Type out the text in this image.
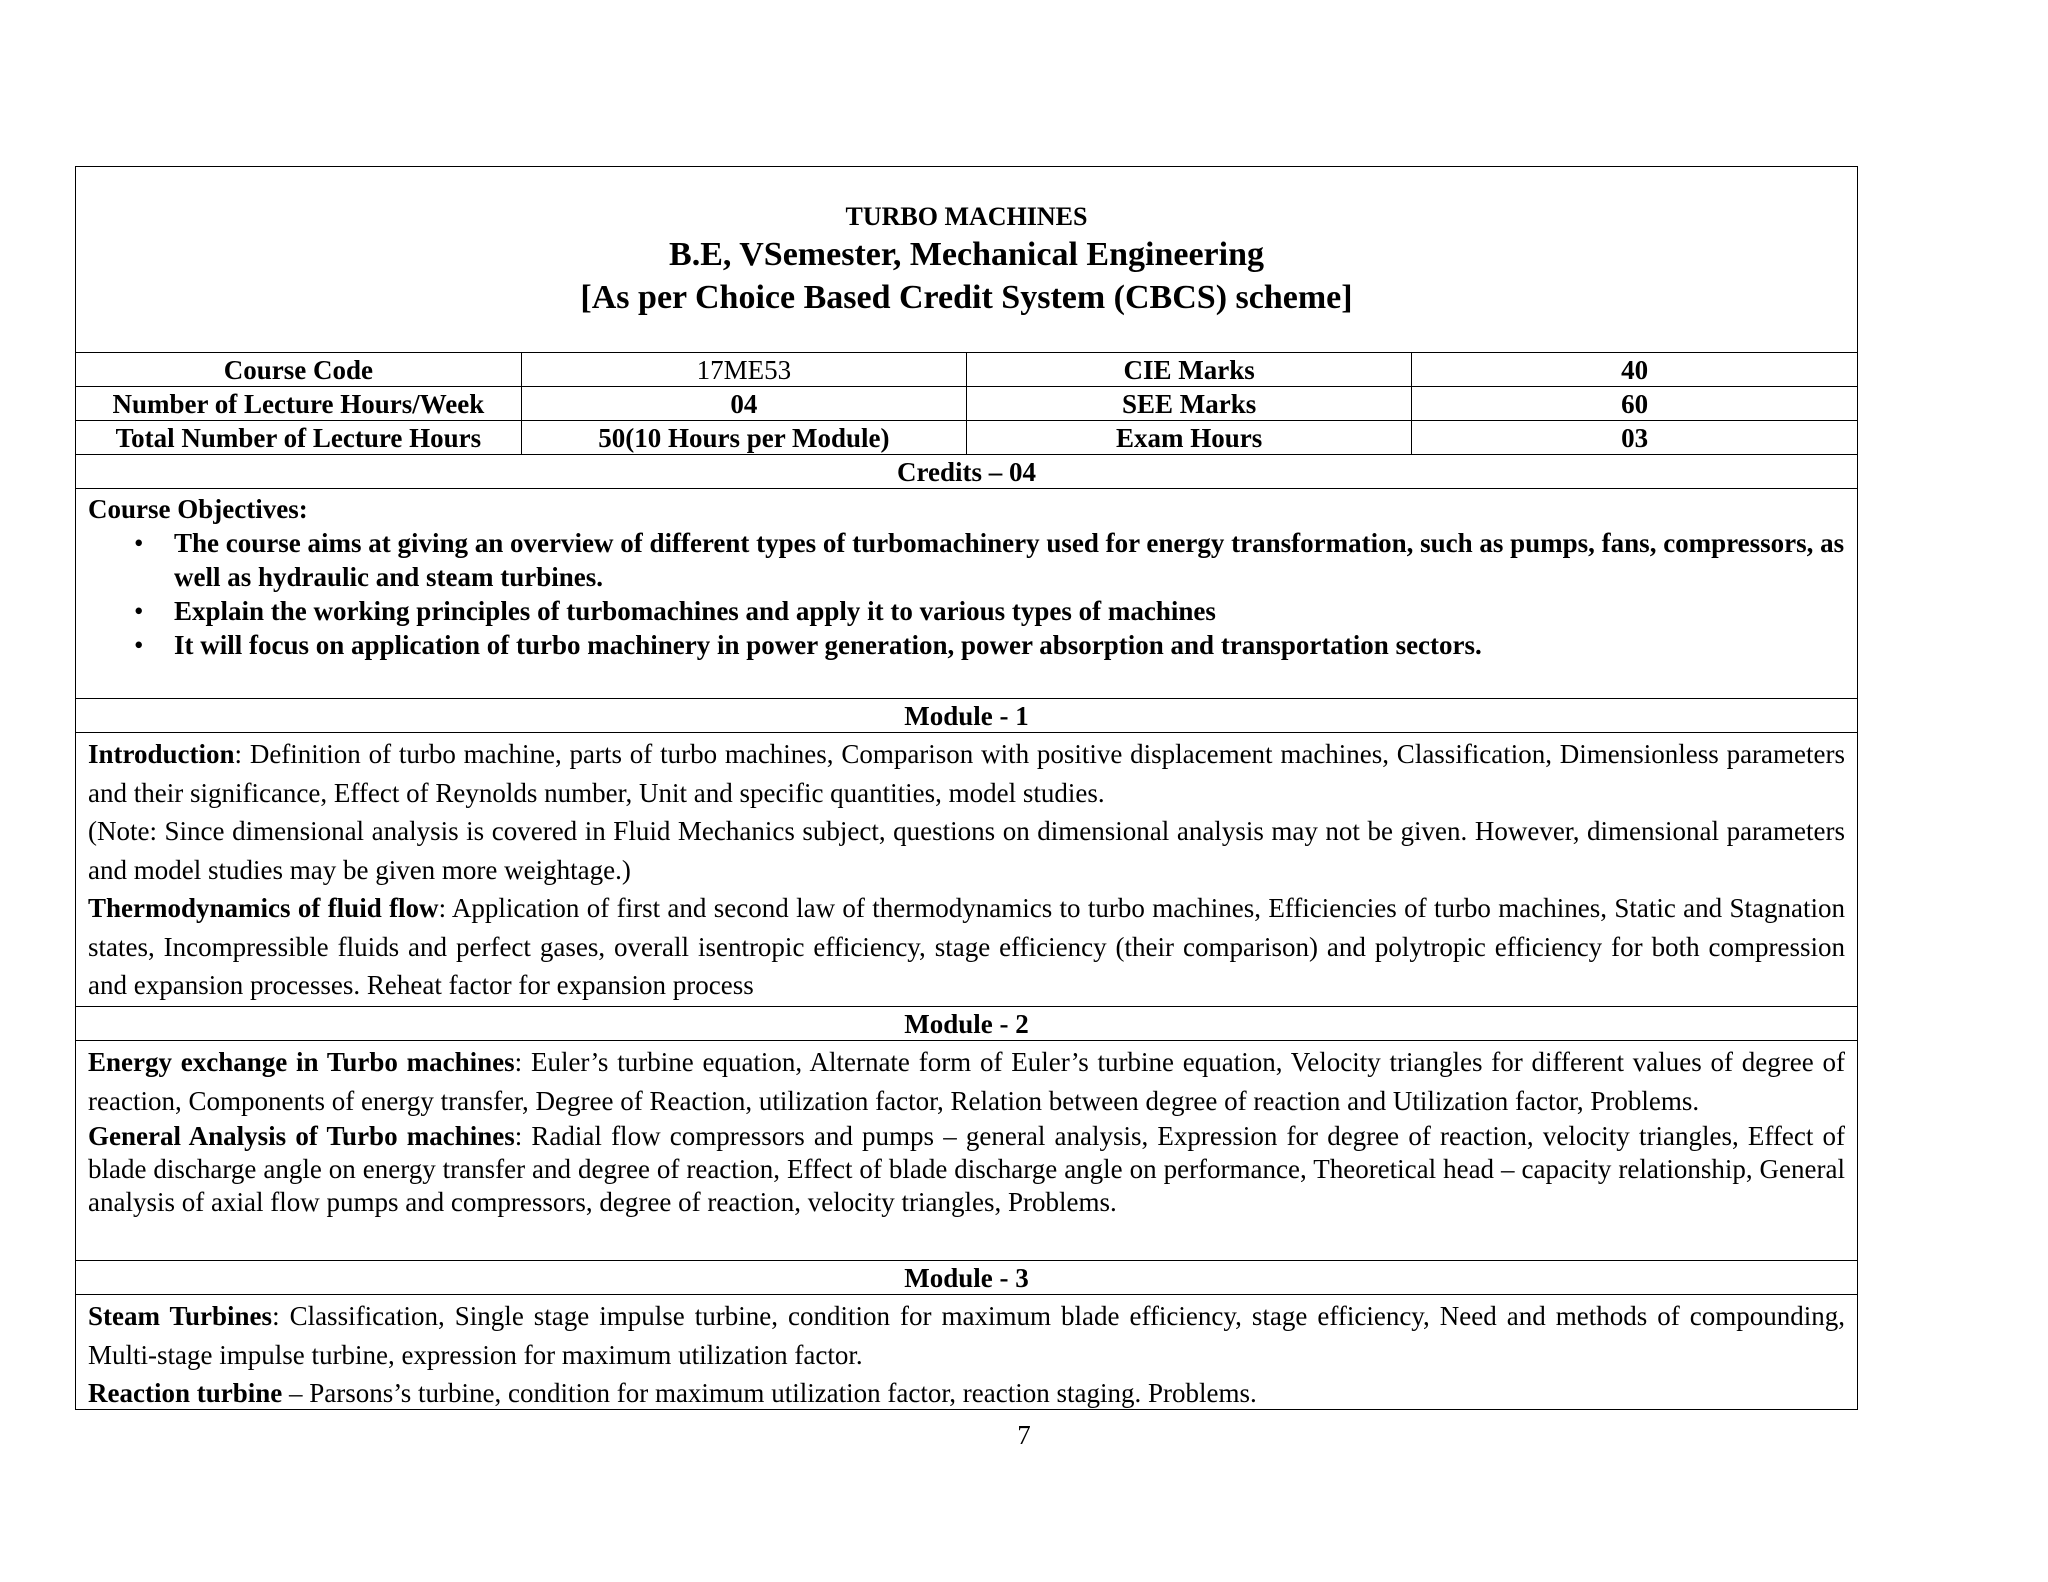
TURBO MACHINES
B.E, VSemester, Mechanical Engineering
[As per Choice Based Credit System (CBCS) scheme]
Course Code	17ME53	CIE Marks	40
Number of Lecture Hours/Week	04	SEE Marks	60
Total Number of Lecture Hours	50(10 Hours per Module)	Exam Hours	03
Credits – 04			
Course Objectives:
• The course aims at giving an overview of different types of turbomachinery used for energy transformation, such as pumps, fans, compressors, as well as hydraulic and steam turbines.
• Explain the working principles of turbomachines and apply it to various types of machines
• It will focus on application of turbo machinery in power generation, power absorption and transportation sectors.
Module - 1

Introduction: Definition of turbo machine, parts of turbo machines, Comparison with positive displacement machines, Classification, Dimensionless parameters and their significance, Effect of Reynolds number, Unit and specific quantities, model studies.

(Note: Since dimensional analysis is covered in Fluid Mechanics subject, questions on dimensional analysis may not be given. However, dimensional parameters and model studies may be given more weightage.)

Thermodynamics of fluid flow: Application of first and second law of thermodynamics to turbo machines, Efficiencies of turbo machines, Static and Stagnation states, Incompressible fluids and perfect gases, overall isentropic efficiency, stage efficiency (their comparison) and polytropic efficiency for both compression and expansion processes. Reheat factor for expansion process

Module - 2

Energy exchange in Turbo machines: Euler’s turbine equation, Alternate form of Euler’s turbine equation, Velocity triangles for different values of degree of reaction, Components of energy transfer, Degree of Reaction, utilization factor, Relation between degree of reaction and Utilization factor, Problems.

General Analysis of Turbo machines: Radial flow compressors and pumps – general analysis, Expression for degree of reaction, velocity triangles, Effect of blade discharge angle on energy transfer and degree of reaction, Effect of blade discharge angle on performance, Theoretical head – capacity relationship, General analysis of axial flow pumps and compressors, degree of reaction, velocity triangles, Problems.

Module - 3

Steam Turbines: Classification, Single stage impulse turbine, condition for maximum blade efficiency, stage efficiency, Need and methods of compounding, Multi-stage impulse turbine, expression for maximum utilization factor.

Reaction turbine – Parsons’s turbine, condition for maximum utilization factor, reaction staging. Problems.

7
